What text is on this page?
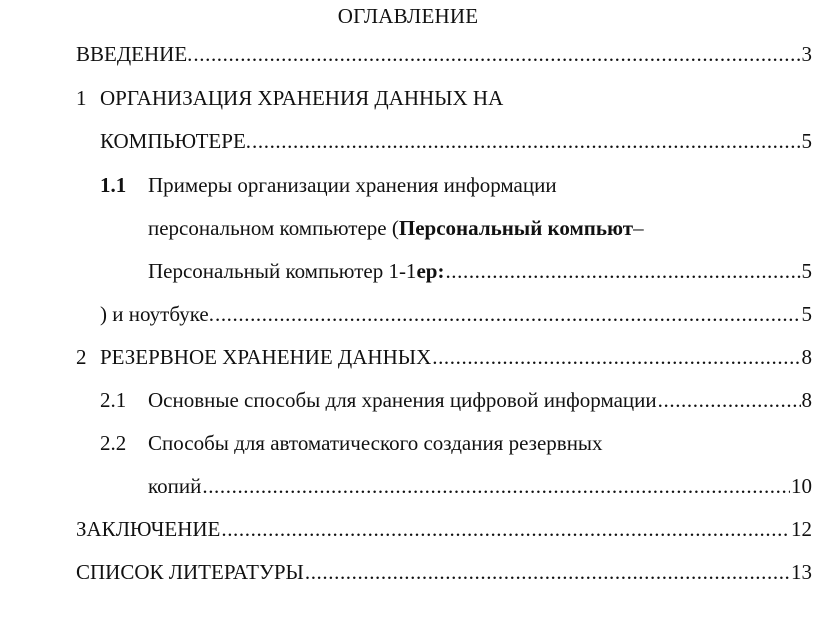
ОГЛАВЛЕНИЕ
ВВЕДЕНИЕ. .....	3
1 ОРГАНИЗАЦИЯ ХРАНЕНИЯ ДАННЫХ НА
КОМПЬЮТЕРЕ. .....	5
1.1 Примеры организации хранения информации
персональном компьютере (Персональный компьют–
Персональный компьютер 1-1ер: .....	5
) и ноутбуке. .....	5
2 РЕЗЕРВНОЕ ХРАНЕНИЕ ДАННЫХ .....	8
2.1 Основные способы для хранения цифровой информации .....	8
2.2 Способы для автоматического создания резервных
копий .....	10
ЗАКЛЮЧЕНИЕ .....	12
СПИСОК ЛИТЕРАТУРЫ .....	13
